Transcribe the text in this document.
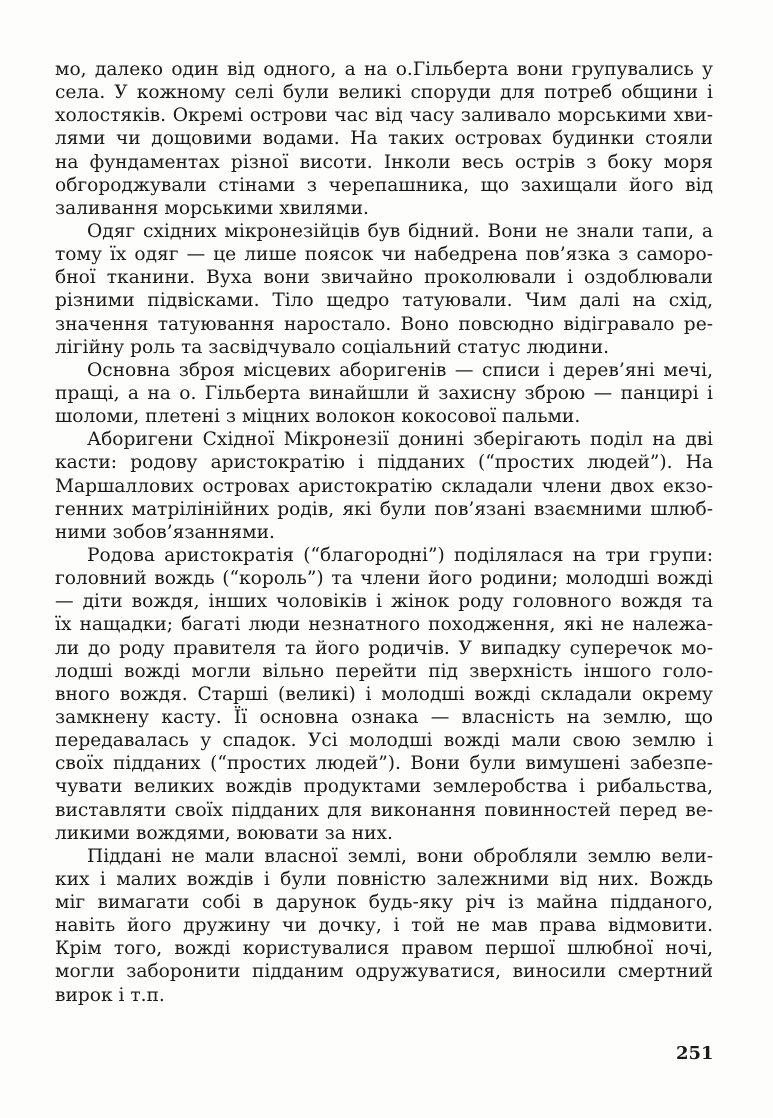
мо, далеко один від одного, а на о.Гільберта вони групувались у
села. У кожному селі були великі споруди для потреб общини і
холостяків. Окремі острови час від часу заливало морськими хви-
лями чи дощовими водами. На таких островах будинки стояли
на фундаментах різної висоти. Інколи весь острів з боку моря
обгороджували стінами з черепашника, що захищали його від
заливання морськими хвилями.
Одяг східних мікронезійців був бідний. Вони не знали тапи, а
тому їх одяг — це лише поясок чи набедрена пов’язка з саморо-
бної тканини. Вуха вони звичайно проколювали і оздоблювали
різними підвісками. Тіло щедро татуювали. Чим далі на схід,
значення татуювання наростало. Воно повсюдно відігравало ре-
лігійну роль та засвідчувало соціальний статус людини.
Основна зброя місцевих аборигенів — списи і дерев’яні мечі,
пращі, а на о. Гільберта винайшли й захисну зброю — панцирі і
шоломи, плетені з міцних волокон кокосової пальми.
Аборигени Східної Мікронезії донині зберігають поділ на дві
касти: родову аристократію і підданих (“простих людей”). На
Маршаллових островах аристократію складали члени двох екзо-
генних матрілінійних родів, які були пов’язані взаємними шлюб-
ними зобов’язаннями.
Родова аристократія (“благородні”) поділялася на три групи:
головний вождь (“король”) та члени його родини; молодші вожді
— діти вождя, інших чоловіків і жінок роду головного вождя та
їх нащадки; багаті люди незнатного походження, які не належа-
ли до роду правителя та його родичів. У випадку суперечок мо-
лодші вожді могли вільно перейти під зверхність іншого голо-
вного вождя. Старші (великі) і молодші вожді складали окрему
замкнену касту. Її основна ознака — власність на землю, що
передавалась у спадок. Усі молодші вожді мали свою землю і
своїх підданих (“простих людей”). Вони були вимушені забезпе-
чувати великих вождів продуктами землеробства і рибальства,
виставляти своїх підданих для виконання повинностей перед ве-
ликими вождями, воювати за них.
Піддані не мали власної землі, вони обробляли землю вели-
ких і малих вождів і були повністю залежними від них. Вождь
міг вимагати собі в дарунок будь-яку річ із майна підданого,
навіть його дружину чи дочку, і той не мав права відмовити.
Крім того, вожді користувалися правом першої шлюбної ночі,
могли заборонити підданим одружуватися, виносили смертний
вирок і т.п.
251
